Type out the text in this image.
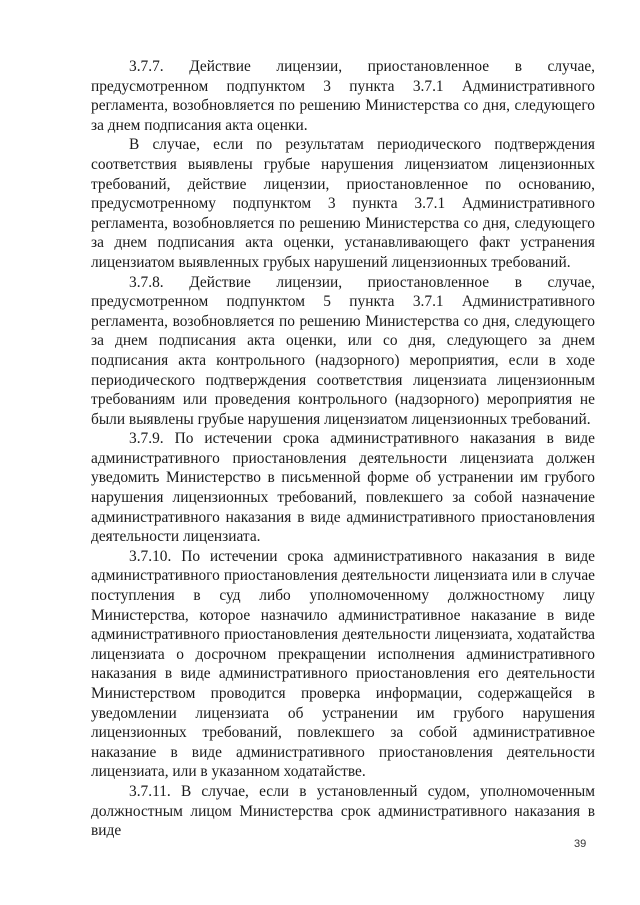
3.7.7. Действие лицензии, приостановленное в случае, предусмотренном подпунктом 3 пункта 3.7.1 Административного регламента, возобновляется по решению Министерства со дня, следующего за днем подписания акта оценки.

В случае, если по результатам периодического подтверждения соответствия выявлены грубые нарушения лицензиатом лицензионных требований, действие лицензии, приостановленное по основанию, предусмотренному подпунктом 3 пункта 3.7.1 Административного регламента, возобновляется по решению Министерства со дня, следующего за днем подписания акта оценки, устанавливающего факт устранения лицензиатом выявленных грубых нарушений лицензионных требований.

3.7.8. Действие лицензии, приостановленное в случае, предусмотренном подпунктом 5 пункта 3.7.1 Административного регламента, возобновляется по решению Министерства со дня, следующего за днем подписания акта оценки, или со дня, следующего за днем подписания акта контрольного (надзорного) мероприятия, если в ходе периодического подтверждения соответствия лицензиата лицензионным требованиям или проведения контрольного (надзорного) мероприятия не были выявлены грубые нарушения лицензиатом лицензионных требований.

3.7.9. По истечении срока административного наказания в виде административного приостановления деятельности лицензиата должен уведомить Министерство в письменной форме об устранении им грубого нарушения лицензионных требований, повлекшего за собой назначение административного наказания в виде административного приостановления деятельности лицензиата.

3.7.10. По истечении срока административного наказания в виде административного приостановления деятельности лицензиата или в случае поступления в суд либо уполномоченному должностному лицу Министерства, которое назначило административное наказание в виде административного приостановления деятельности лицензиата, ходатайства лицензиата о досрочном прекращении исполнения административного наказания в виде административного приостановления его деятельности Министерством проводится проверка информации, содержащейся в уведомлении лицензиата об устранении им грубого нарушения лицензионных требований, повлекшего за собой административное наказание в виде административного приостановления деятельности лицензиата, или в указанном ходатайстве.

3.7.11. В случае, если в установленный судом, уполномоченным должностным лицом Министерства срок административного наказания в виде

39
